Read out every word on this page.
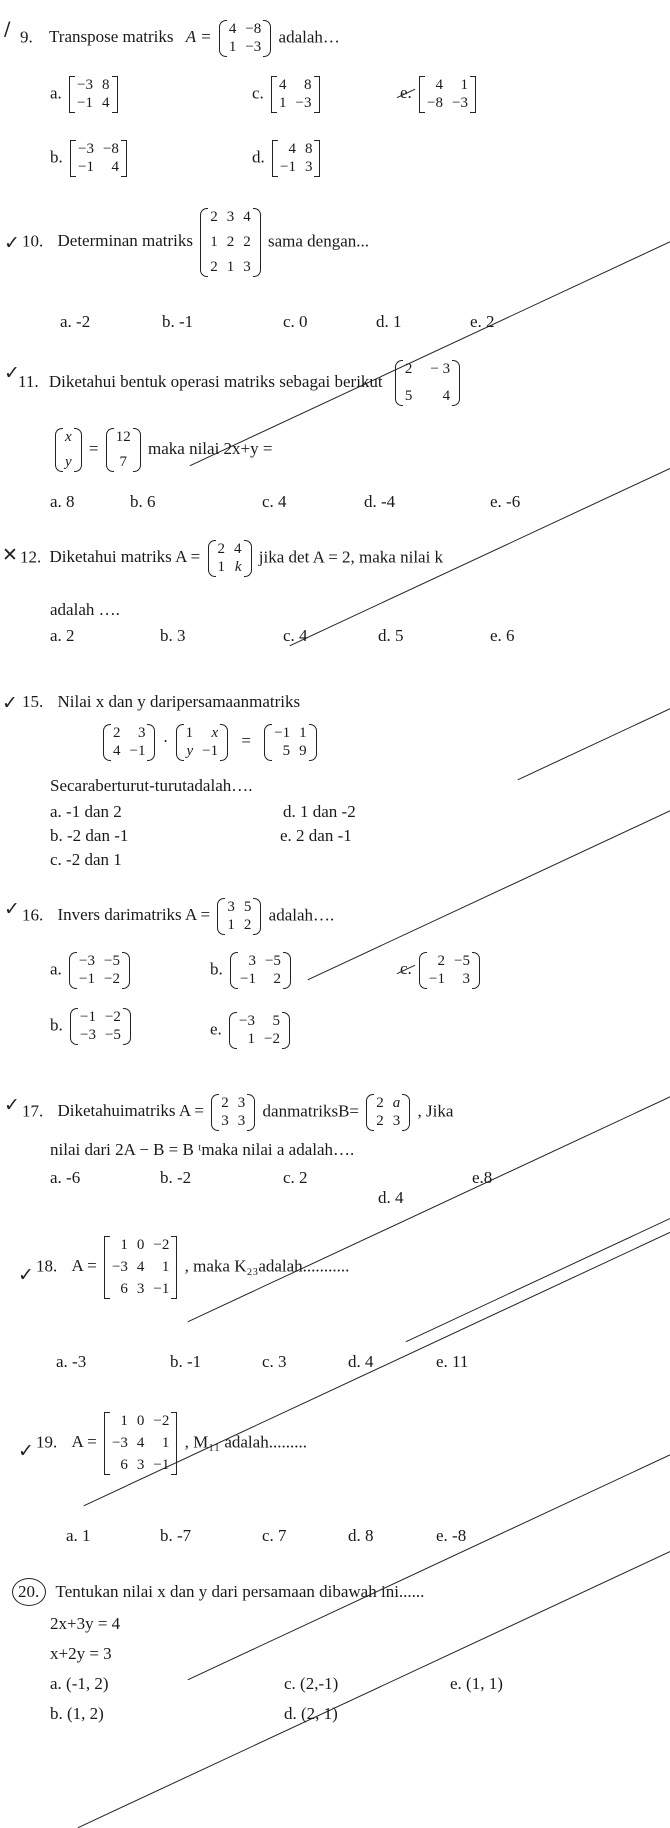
/ 9. Transpose matriks A = 4 −8
1 −3
adalah…
a. −3 8
−1 4
c. 4	8
1 −3
e.	4	1
−8 −3
b. −3 −8
−1	4
d.	4 8
−1 3
✓ 10. Determinan matriks
2 3 4
1 2 2
2 1 3
sama dengan...
a. -2	b. -1	c. 0	d. 1	e. 2
✓
11. Diketahui bentuk operasi matriks sebagai berikut
2 − 3
5	4
x
y
=
12
7
maka nilai 2x+y =
a. 8	b. 6	c. 4	d. -4	e. -6
✕ 12. Diketahui matriks A = 2 4
1 k
jika det A = 2, maka nilai k
adalah ….
a. 2	b. 3	c. 4	d. 5	e. 6
✓ 15. Nilai x dan y daripersamaanmatriks
2	3
4 −1
· 1	x
y −1
= −1 1
5 9
Secaraberturut-turutadalah….
a. -1 dan 2	d. 1 dan -2
b. -2 dan -1	e. 2 dan -1
c. -2 dan 1
✓ 16. Invers darimatriks A = 3 5
1 2
adalah….
a. −3 −5
−1 −2
b.	3 −5
−1	2
c.	2 −5
−1	3
b. −1 −2
−3 −5	e. −3	5
1 −2
✓ 17. Diketahuimatriks A = 2 3
3 3
danmatriksB= 2 a
2 3
, Jika
nilai dari 2A − B = B ᵗmaka nilai a adalah….
a. -6	b. -2	c. 2
d. 4
e.8
✓ 18. A =
1 0 −2
−3 4	1
6 3 −1
, maka K₂₃adalah...........
a. -3	b. -1	c. 3	d. 4	e. 11
✓ 19. A =
1 0 −2
−3 4	1
6 3 −1
, M₁₁ adalah.........
a. 1	b. -7	c. 7	d. 8	e. -8
20. Tentukan nilai x dan y dari persamaan dibawah ini......
2x+3y = 4
x+2y = 3
a. (-1, 2)	c. (2,-1)	e. (1, 1)
b. (1, 2)	d. (2, 1)
